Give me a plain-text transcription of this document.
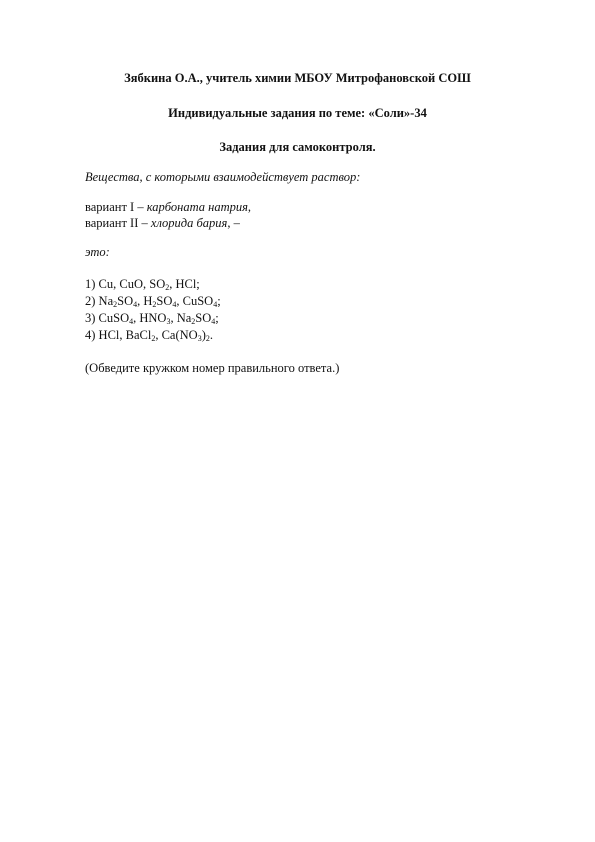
Зябкина О.А., учитель химии МБОУ Митрофановской СОШ
Индивидуальные задания по теме: «Соли»-34
Задания для самоконтроля.
Вещества, с которыми взаимодействует раствор:
вариант I – карбоната натрия,
вариант II – хлорида бария, –
это:
1) Cu, CuO, $SO_2$, HCl;
2) $Na_2SO_4$, $H_2SO_4$, CuSO$_4$;
3) CuSO$_4$, $HNO_3$, $Na_2SO_4$;
4) HCl, BaCl$_2$, $Ca(NO_3)_2$.
(Обведите кружком номер правильного ответа.)
